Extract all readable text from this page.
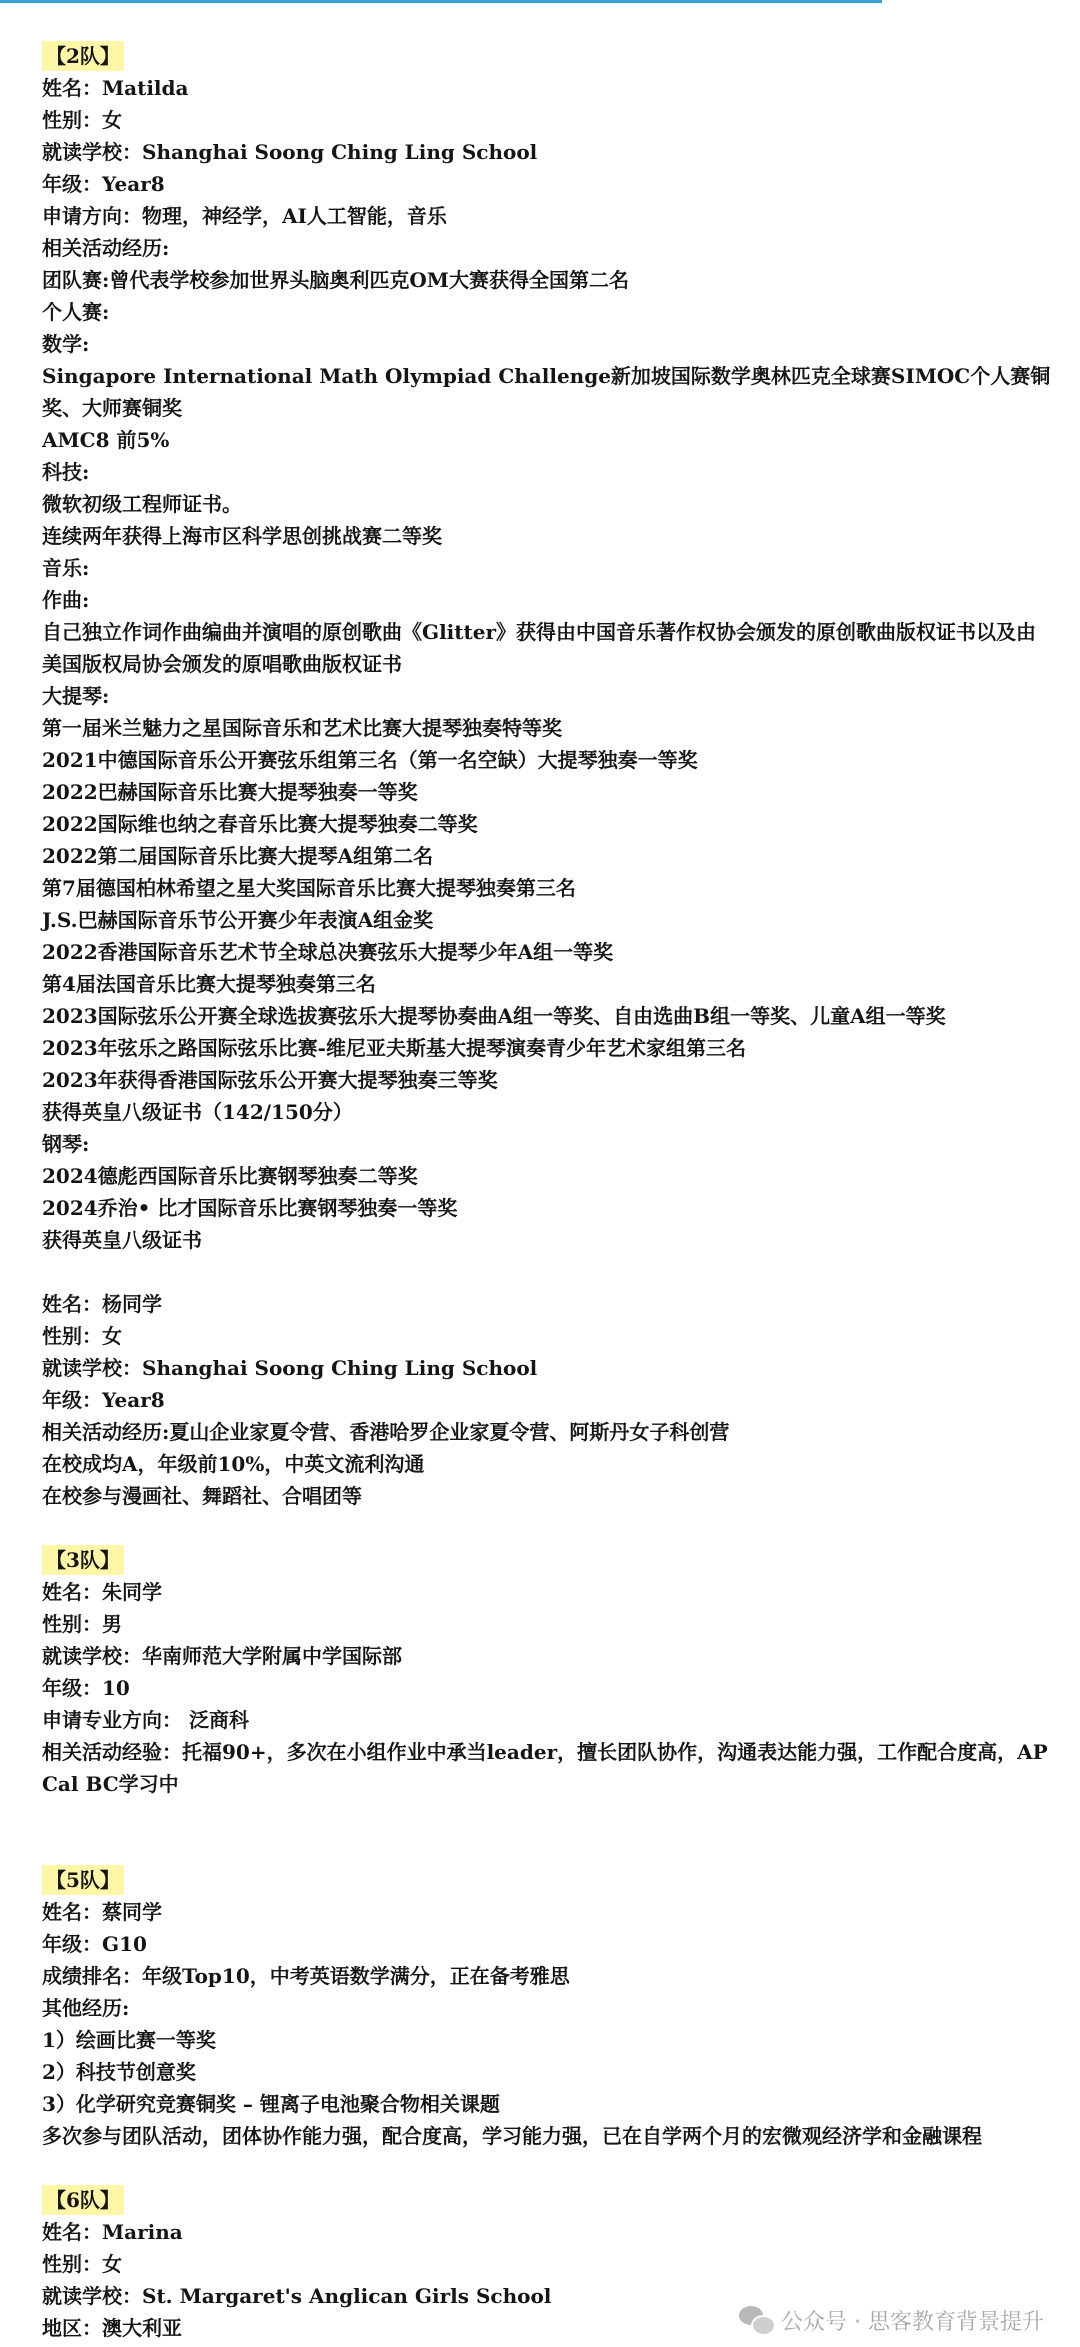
【2队】
姓名：Matilda
性别：女
就读学校：Shanghai Soong Ching Ling School
年级：Year8
申请方向：物理，神经学，AI人工智能，音乐
相关活动经历:
团队赛:曾代表学校参加世界头脑奥利匹克OM大赛获得全国第二名
个人赛:
数学:
Singapore International Math Olympiad Challenge新加坡国际数学奥林匹克全球赛SIMOC个人赛铜奖、大师赛铜奖
AMC8 前5%
科技:
微软初级工程师证书。
连续两年获得上海市区科学思创挑战赛二等奖
音乐:
作曲:
自己独立作词作曲编曲并演唱的原创歌曲《Glitter》获得由中国音乐著作权协会颁发的原创歌曲版权证书以及由美国版权局协会颁发的原唱歌曲版权证书
大提琴:
第一届米兰魅力之星国际音乐和艺术比赛大提琴独奏特等奖
2021中德国际音乐公开赛弦乐组第三名（第一名空缺）大提琴独奏一等奖
2022巴赫国际音乐比赛大提琴独奏一等奖
2022国际维也纳之春音乐比赛大提琴独奏二等奖
2022第二届国际音乐比赛大提琴A组第二名
第7届德国柏林希望之星大奖国际音乐比赛大提琴独奏第三名
J.S.巴赫国际音乐节公开赛少年表演A组金奖
2022香港国际音乐艺术节全球总决赛弦乐大提琴少年A组一等奖
第4届法国音乐比赛大提琴独奏第三名
2023国际弦乐公开赛全球选拔赛弦乐大提琴协奏曲A组一等奖、自由选曲B组一等奖、儿童A组一等奖
2023年弦乐之路国际弦乐比赛-维尼亚夫斯基大提琴演奏青少年艺术家组第三名
2023年获得香港国际弦乐公开赛大提琴独奏三等奖
获得英皇八级证书（142/150分）
钢琴:
2024德彪西国际音乐比赛钢琴独奏二等奖
2024乔治• 比才国际音乐比赛钢琴独奏一等奖
获得英皇八级证书
姓名：杨同学
性别：女
就读学校：Shanghai Soong Ching Ling School
年级：Year8
相关活动经历:夏山企业家夏令营、香港哈罗企业家夏令营、阿斯丹女子科创营
在校成均A，年级前10%，中英文流利沟通
在校参与漫画社、舞蹈社、合唱团等
【3队】
姓名：朱同学
性别：男
就读学校：华南师范大学附属中学国际部
年级：10
申请专业方向： 泛商科
相关活动经验：托福90+，多次在小组作业中承当leader，擅长团队协作，沟通表达能力强，工作配合度高，AP Cal BC学习中
【5队】
姓名：蔡同学
年级：G10
成绩排名：年级Top10，中考英语数学满分，正在备考雅思
其他经历:
1）绘画比赛一等奖
2）科技节创意奖
3）化学研究竞赛铜奖 – 锂离子电池聚合物相关课题
多次参与团队活动，团体协作能力强，配合度高，学习能力强，已在自学两个月的宏微观经济学和金融课程
【6队】
姓名：Marina
性别：女
就读学校：St. Margaret's Anglican Girls School
地区：澳大利亚	公众号 · 思客教育背景提升
